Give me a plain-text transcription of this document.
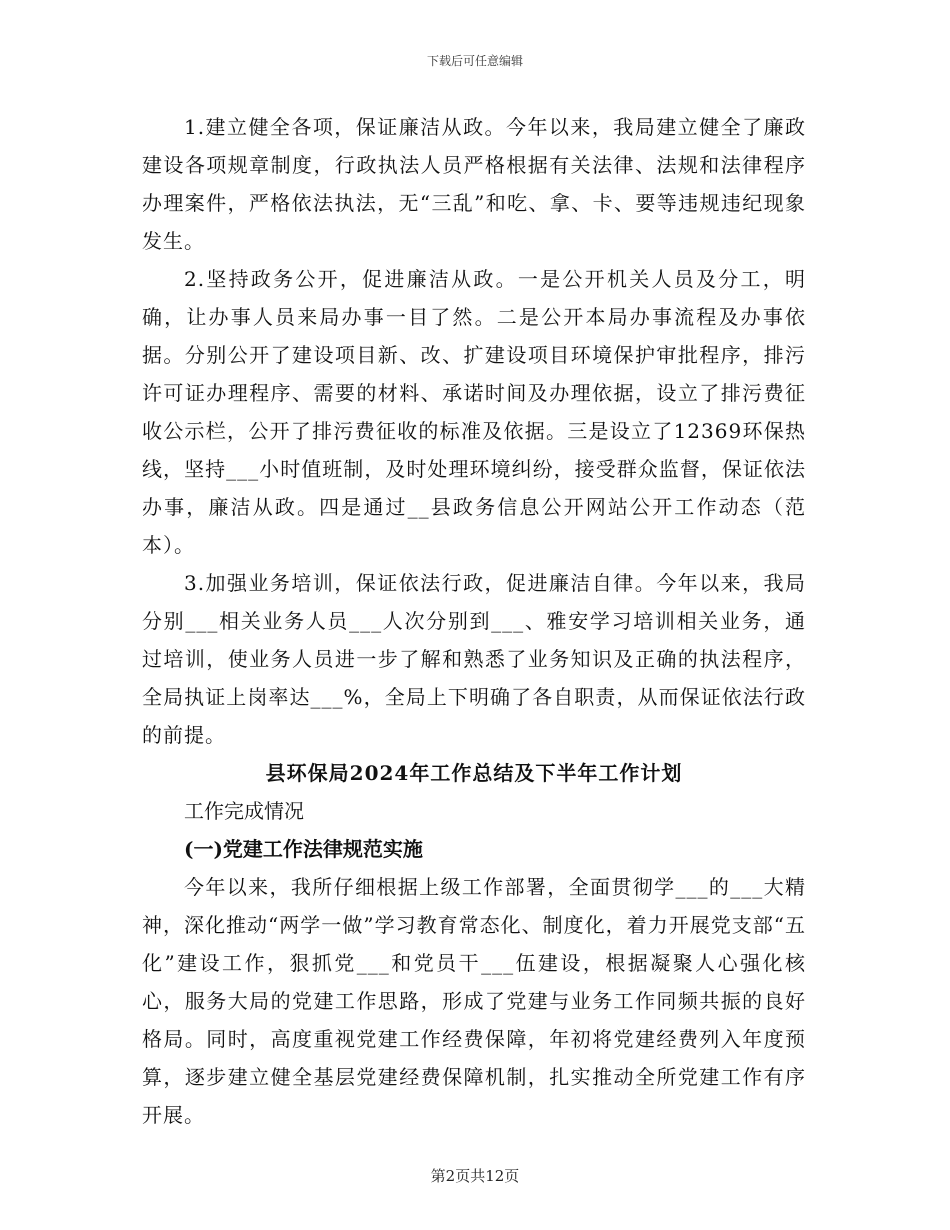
下载后可任意编辑

1.建立健全各项，保证廉洁从政。今年以来，我局建立健全了廉政建设各项规章制度，行政执法人员严格根据有关法律、法规和法律程序办理案件，严格依法执法，无“三乱”和吃、拿、卡、要等违规违纪现象发生。

2.坚持政务公开，促进廉洁从政。一是公开机关人员及分工，明确，让办事人员来局办事一目了然。二是公开本局办事流程及办事依据。分别公开了建设项目新、改、扩建设项目环境保护审批程序，排污许可证办理程序、需要的材料、承诺时间及办理依据，设立了排污费征收公示栏，公开了排污费征收的标准及依据。三是设立了12369环保热线，坚持___小时值班制，及时处理环境纠纷，接受群众监督，保证依法办事，廉洁从政。四是通过__县政务信息公开网站公开工作动态（范本）。

3.加强业务培训，保证依法行政，促进廉洁自律。今年以来，我局分别___相关业务人员___人次分别到___、雅安学习培训相关业务，通过培训，使业务人员进一步了解和熟悉了业务知识及正确的执法程序，全局执证上岗率达___%，全局上下明确了各自职责，从而保证依法行政的前提。

县环保局2024年工作总结及下半年工作计划

工作完成情况

(一)党建工作法律规范实施

今年以来，我所仔细根据上级工作部署，全面贯彻学___的___大精神，深化推动“两学一做”学习教育常态化、制度化，着力开展党支部“五化”建设工作，狠抓党___和党员干___伍建设，根据凝聚人心强化核心，服务大局的党建工作思路，形成了党建与业务工作同频共振的良好格局。同时，高度重视党建工作经费保障，年初将党建经费列入年度预算，逐步建立健全基层党建经费保障机制，扎实推动全所党建工作有序开展。

第2页共12页
